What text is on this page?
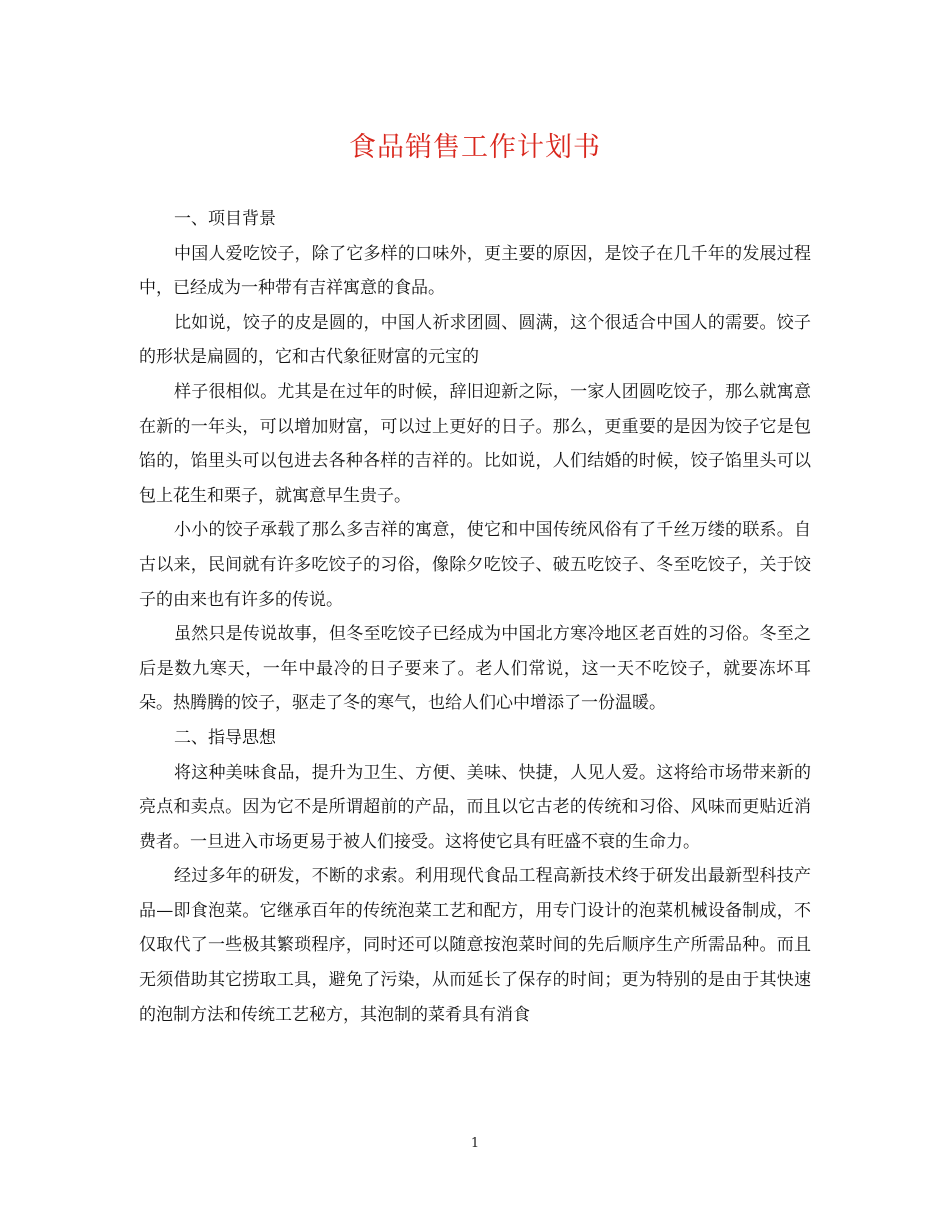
食品销售工作计划书

一、项目背景

中国人爱吃饺子，除了它多样的口味外，更主要的原因，是饺子在几千年的发展过程中，已经成为一种带有吉祥寓意的食品。

比如说，饺子的皮是圆的，中国人祈求团圆、圆满，这个很适合中国人的需要。饺子的形状是扁圆的，它和古代象征财富的元宝的

样子很相似。尤其是在过年的时候，辞旧迎新之际，一家人团圆吃饺子，那么就寓意在新的一年头，可以增加财富，可以过上更好的日子。那么，更重要的是因为饺子它是包馅的，馅里头可以包进去各种各样的吉祥的。比如说，人们结婚的时候，饺子馅里头可以包上花生和栗子，就寓意早生贵子。

小小的饺子承载了那么多吉祥的寓意，使它和中国传统风俗有了千丝万缕的联系。自古以来，民间就有许多吃饺子的习俗，像除夕吃饺子、破五吃饺子、冬至吃饺子，关于饺子的由来也有许多的传说。

虽然只是传说故事，但冬至吃饺子已经成为中国北方寒冷地区老百姓的习俗。冬至之后是数九寒天，一年中最冷的日子要来了。老人们常说，这一天不吃饺子，就要冻坏耳朵。热腾腾的饺子，驱走了冬的寒气，也给人们心中增添了一份温暖。

二、指导思想

将这种美味食品，提升为卫生、方便、美味、快捷，人见人爱。这将给市场带来新的亮点和卖点。因为它不是所谓超前的产品，而且以它古老的传统和习俗、风味而更贴近消费者。一旦进入市场更易于被人们接受。这将使它具有旺盛不衰的生命力。

经过多年的研发，不断的求索。利用现代食品工程高新技术终于研发出最新型科技产品—即食泡菜。它继承百年的传统泡菜工艺和配方，用专门设计的泡菜机械设备制成，不仅取代了一些极其繁琐程序，同时还可以随意按泡菜时间的先后顺序生产所需品种。而且无须借助其它捞取工具，避免了污染，从而延长了保存的时间；更为特别的是由于其快速的泡制方法和传统工艺秘方，其泡制的菜肴具有消食

1
